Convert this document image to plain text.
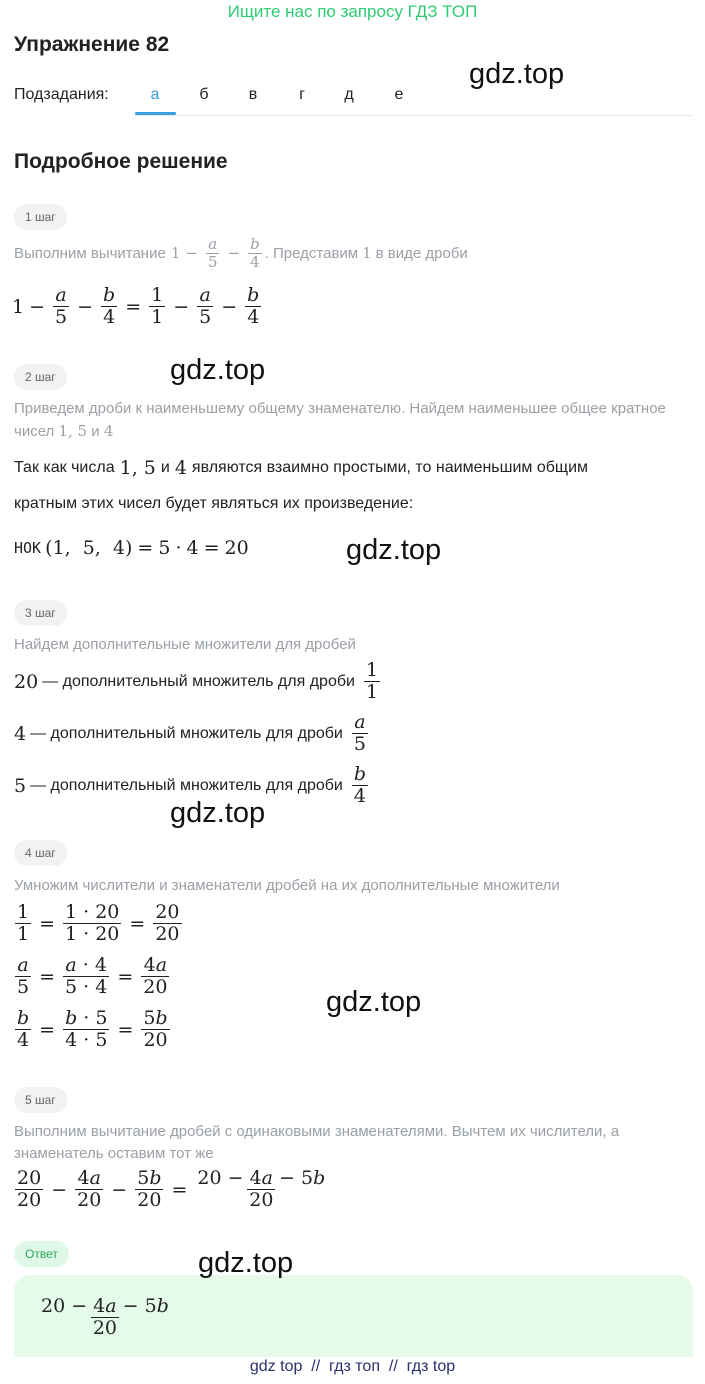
Ищите нас по запросу ГДЗ ТОП
Упражнение 82
Подзадания:	а	б	в	г	д	е
gdz.top
Подробное решение
1 шаг
Выполним вычитание $1 - \frac{a}{5} - \frac{b}{4}$ . Представим 1 в виде дроби
$1 - \frac{a}{5} - \frac{b}{4} = \frac{1}{1} - \frac{a}{5} - \frac{b}{4}$
gdz.top
2 шаг
Приведем дроби к наименьшему общему знаменателю. Найдем наименьшее общее кратное чисел 1, 5 и 4
Так как числа 1, 5 и 4 являются взаимно простыми, то наименьшим общим
кратным этих чисел будет являться их произведение:
НОК (1,  5,  4) = 5 · 4 = 20	gdz.top
3 шаг
Найдем дополнительные множители для дробей
20 — дополнительный множитель для дроби $\frac{1}{1}$
4 — дополнительный множитель для дроби $\frac{a}{5}$
5 — дополнительный множитель для дроби $\frac{b}{4}$
gdz.top
4 шаг
Умножим числители и знаменатели дробей на их дополнительные множители
$\frac{1}{1} = \frac{1 \cdot 20}{1 \cdot 20} = \frac{20}{20}$
$\frac{a}{5} = \frac{a \cdot 4}{5 \cdot 4} = \frac{4a}{20}$
$\frac{b}{4} = \frac{b \cdot 5}{4 \cdot 5} = \frac{5b}{20}$
gdz.top
5 шаг
Выполним вычитание дробей с одинаковыми знаменателями. Вычтем их числители, а знаменатель оставим тот же
$\frac{20}{20} - \frac{4a}{20} - \frac{5b}{20} = \frac{20 - 4a - 5b}{20}$
Ответ
$\frac{20 - 4a - 5b}{20}$
gdz.top
gdz top  //  гдз топ  //  гдз top
